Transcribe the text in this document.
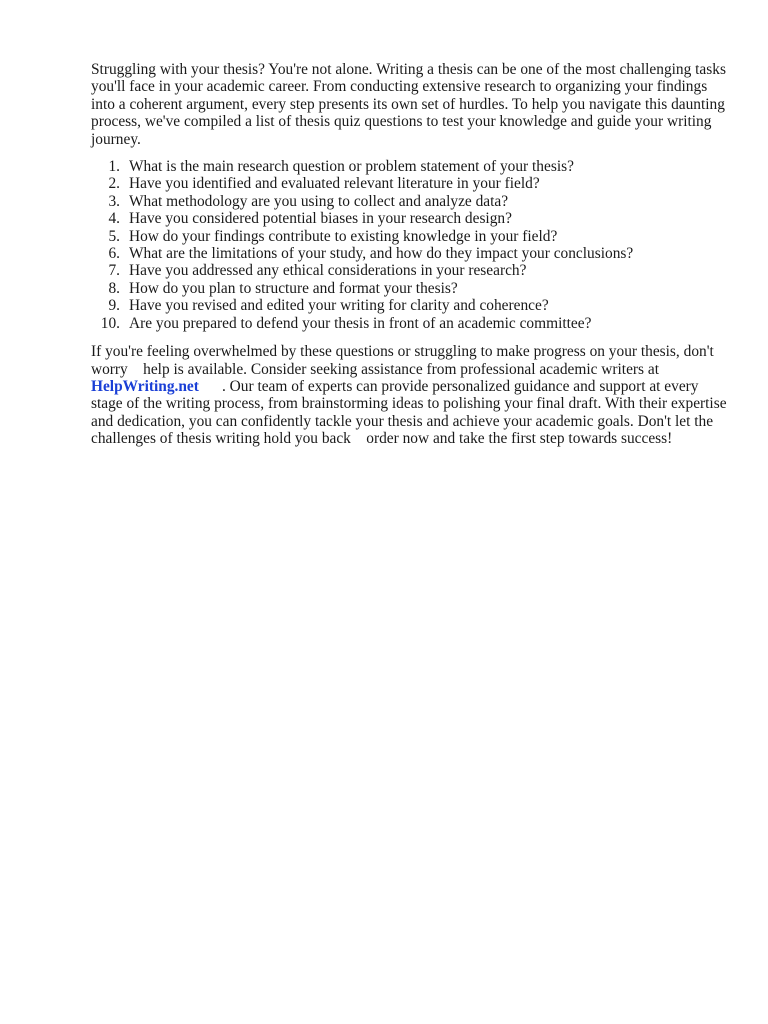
Struggling with your thesis? You're not alone. Writing a thesis can be one of the most challenging tasks you'll face in your academic career. From conducting extensive research to organizing your findings into a coherent argument, every step presents its own set of hurdles. To help you navigate this daunting process, we've compiled a list of thesis quiz questions to test your knowledge and guide your writing journey.

1. What is the main research question or problem statement of your thesis?
2. Have you identified and evaluated relevant literature in your field?
3. What methodology are you using to collect and analyze data?
4. Have you considered potential biases in your research design?
5. How do your findings contribute to existing knowledge in your field?
6. What are the limitations of your study, and how do they impact your conclusions?
7. Have you addressed any ethical considerations in your research?
8. How do you plan to structure and format your thesis?
9. Have you revised and edited your writing for clarity and coherence?
10. Are you prepared to defend your thesis in front of an academic committee?

If you're feeling overwhelmed by these questions or struggling to make progress on your thesis, don't worry   help is available. Consider seeking assistance from professional academic writers at HelpWriting.net   . Our team of experts can provide personalized guidance and support at every stage of the writing process, from brainstorming ideas to polishing your final draft. With their expertise and dedication, you can confidently tackle your thesis and achieve your academic goals. Don't let the challenges of thesis writing hold you back   order now and take the first step towards success!
